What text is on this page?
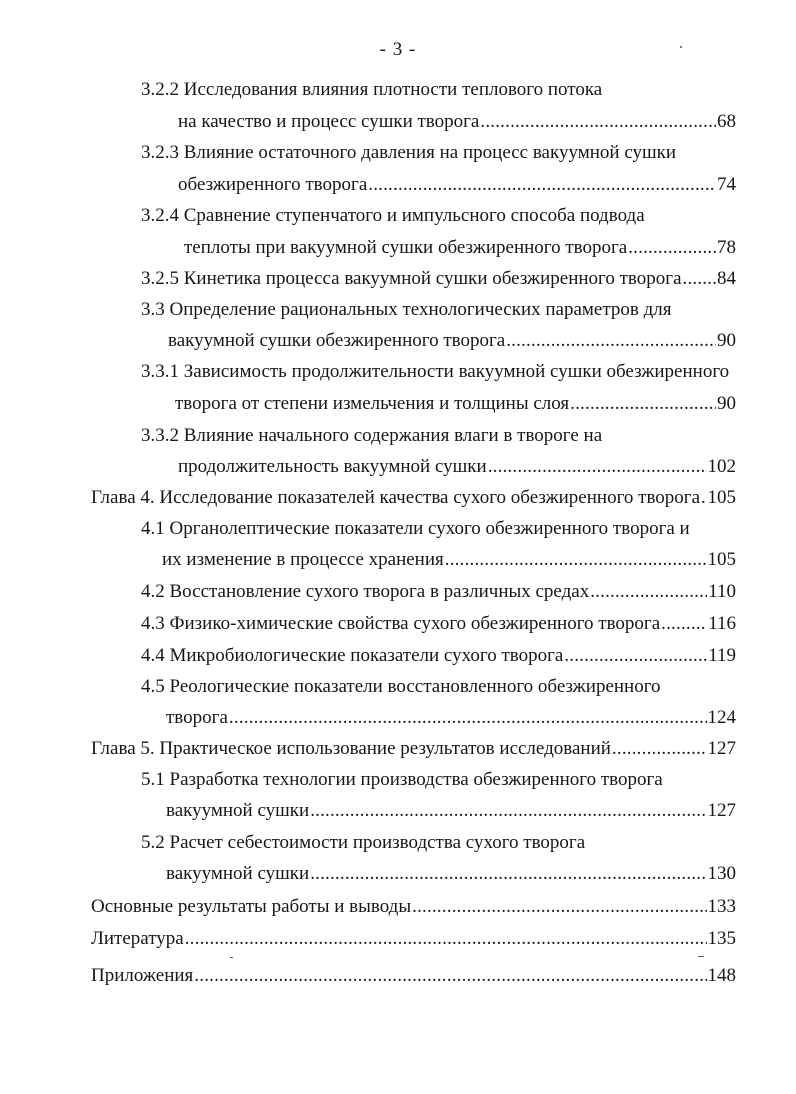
- 3 -
3.2.2 Исследования влияния плотности теплового потока
на качество и процесс сушки творога .....	68
3.2.3 Влияние остаточного давления на процесс вакуумной сушки
обезжиренного творога .....	74
3.2.4 Сравнение ступенчатого и импульсного способа подвода
теплоты при вакуумной сушки обезжиренного творога .....	78
3.2.5 Кинетика процесса вакуумной сушки обезжиренного творога ..... 84
3.3 Определение рациональных технологических параметров для
вакуумной сушки обезжиренного творога .....	90
3.3.1 Зависимость продолжительности вакуумной сушки обезжиренного
творога от степени измельчения и толщины слоя .....	90
3.3.2 Влияние начального содержания влаги в твороге на
продолжительность вакуумной сушки .....	102
Глава 4. Исследование показателей качества сухого обезжиренного творога ..... 105
4.1 Органолептические показатели сухого обезжиренного творога и
их изменение в процессе хранения .....	105
4.2 Восстановление сухого творога в различных средах .....	110
4.3 Физико-химические свойства сухого обезжиренного творога .....	116
4.4 Микробиологические показатели сухого творога .....	119
4.5 Реологические показатели восстановленного обезжиренного
творога .....	124
Глава 5. Практическое использование результатов исследований .....	127
5.1 Разработка технологии производства обезжиренного творога
вакуумной сушки .....	127
5.2 Расчет себестоимости производства сухого творога
вакуумной сушки .....	130
Основные результаты работы и выводы .....	133
Литература .....	135
Приложения .....	148
